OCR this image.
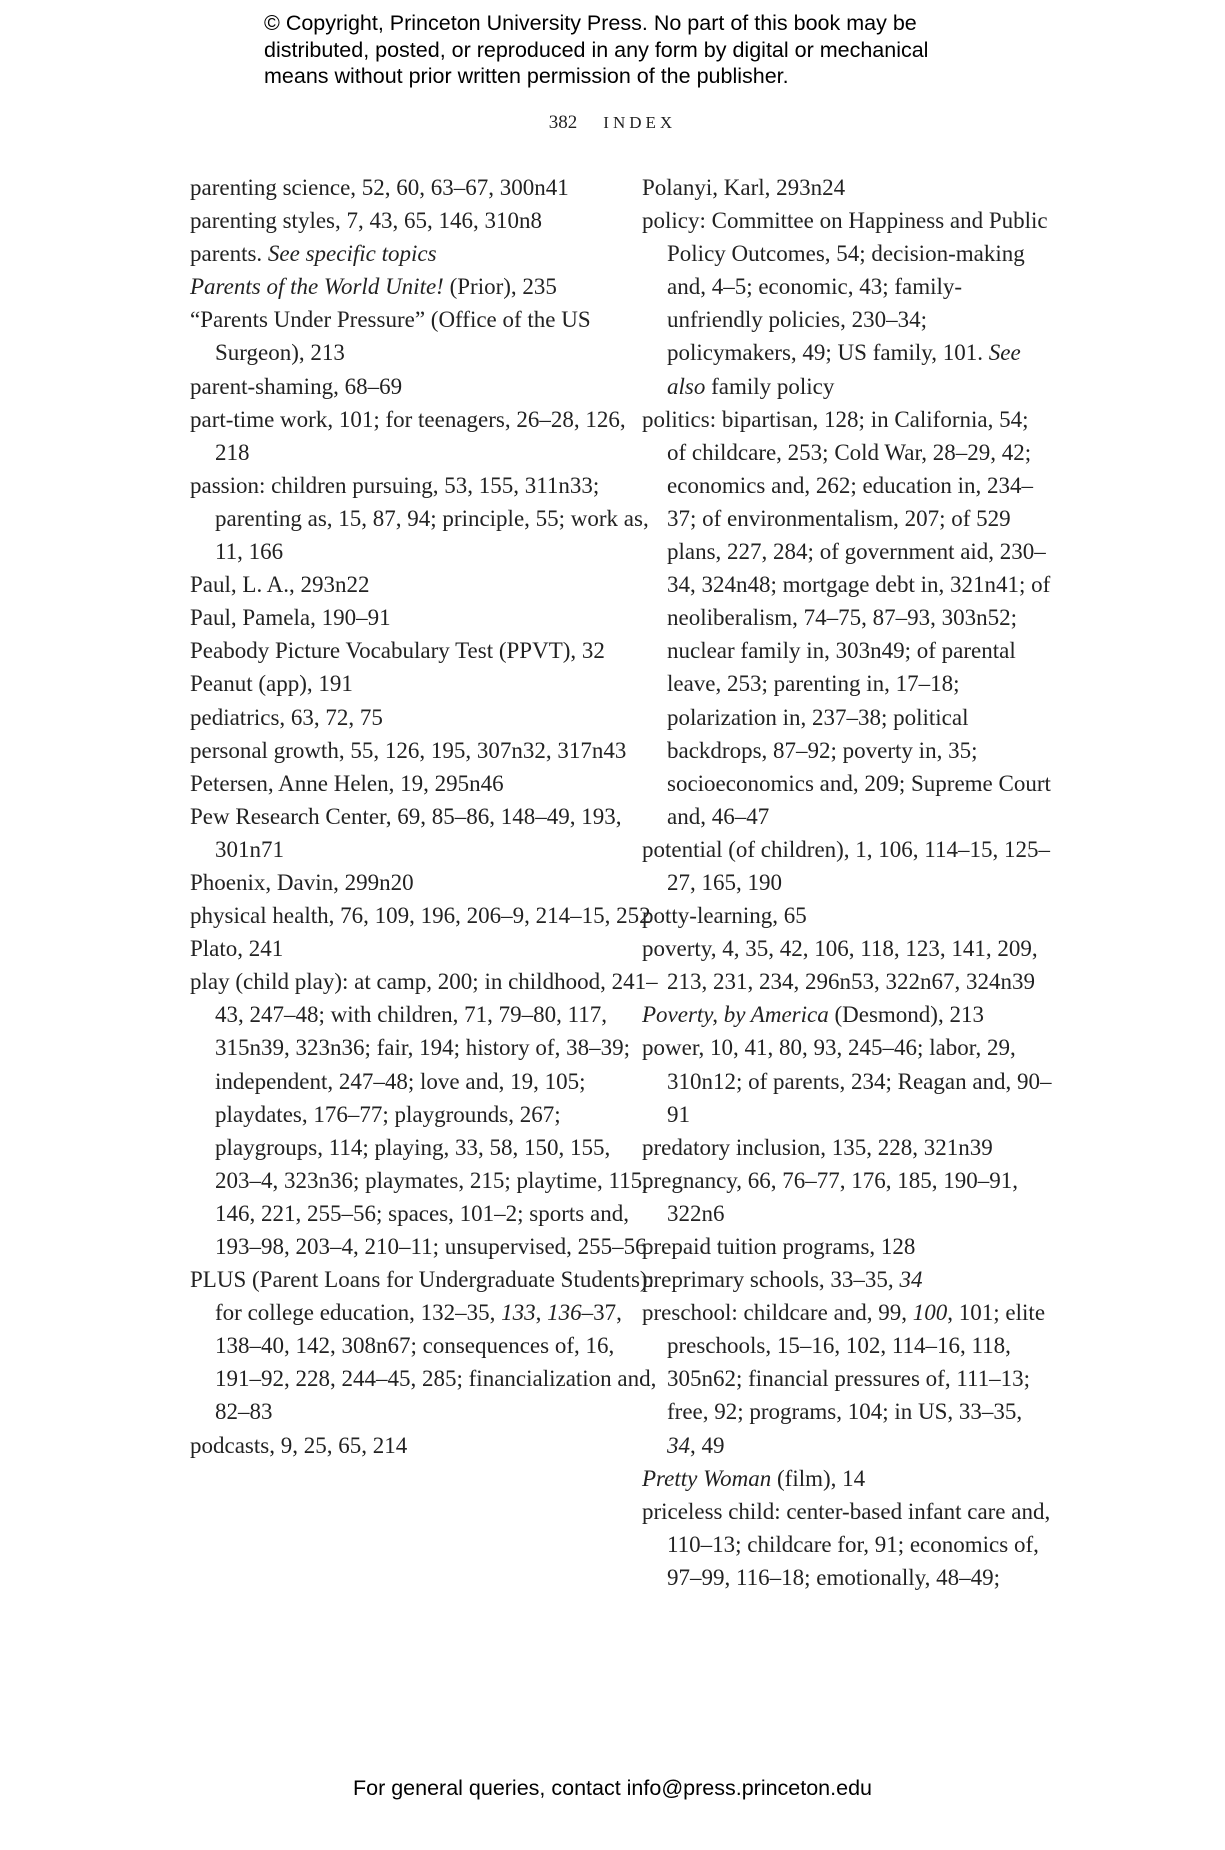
© Copyright, Princeton University Press. No part of this book may be distributed, posted, or reproduced in any form by digital or mechanical means without prior written permission of the publisher.
382 INDEX

parenting science, 52, 60, 63–67, 300n41

parenting styles, 7, 43, 65, 146, 310n8

parents. See specific topics

Parents of the World Unite! (Prior), 235

“Parents Under Pressure” (Office of the US Surgeon), 213

parent-shaming, 68–69

part-time work, 101; for teenagers, 26–28, 126, 218

passion: children pursuing, 53, 155, 311n33; parenting as, 15, 87, 94; principle, 55; work as, 11, 166

Paul, L. A., 293n22

Paul, Pamela, 190–91

Peabody Picture Vocabulary Test (PPVT), 32

Peanut (app), 191

pediatrics, 63, 72, 75

personal growth, 55, 126, 195, 307n32, 317n43

Petersen, Anne Helen, 19, 295n46

Pew Research Center, 69, 85–86, 148–49, 193, 301n71

Phoenix, Davin, 299n20

physical health, 76, 109, 196, 206–9, 214–15, 252

Plato, 241

play (child play): at camp, 200; in childhood, 241–43, 247–48; with children, 71, 79–80, 117, 315n39, 323n36; fair, 194; history of, 38–39; independent, 247–48; love and, 19, 105; playdates, 176–77; playgrounds, 267; playgroups, 114; playing, 33, 58, 150, 155, 203–4, 323n36; playmates, 215; playtime, 115, 146, 221, 255–56; spaces, 101–2; sports and, 193–98, 203–4, 210–11; unsupervised, 255–56

PLUS (Parent Loans for Undergraduate Students): for college education, 132–35, 133, 136–37, 138–40, 142, 308n67; consequences of, 16, 191–92, 228, 244–45, 285; financialization and, 82–83

podcasts, 9, 25, 65, 214

Polanyi, Karl, 293n24

policy: Committee on Happiness and Public Policy Outcomes, 54; decision-making and, 4–5; economic, 43; family-unfriendly policies, 230–34; policymakers, 49; US family, 101. See also family policy

politics: bipartisan, 128; in California, 54; of childcare, 253; Cold War, 28–29, 42; economics and, 262; education in, 234–37; of environmentalism, 207; of 529 plans, 227, 284; of government aid, 230–34, 324n48; mortgage debt in, 321n41; of neoliberalism, 74–75, 87–93, 303n52; nuclear family in, 303n49; of parental leave, 253; parenting in, 17–18; polarization in, 237–38; political backdrops, 87–92; poverty in, 35; socioeconomics and, 209; Supreme Court and, 46–47

potential (of children), 1, 106, 114–15, 125–27, 165, 190

potty-learning, 65

poverty, 4, 35, 42, 106, 118, 123, 141, 209, 213, 231, 234, 296n53, 322n67, 324n39

Poverty, by America (Desmond), 213

power, 10, 41, 80, 93, 245–46; labor, 29, 310n12; of parents, 234; Reagan and, 90–91

predatory inclusion, 135, 228, 321n39

pregnancy, 66, 76–77, 176, 185, 190–91, 322n6

prepaid tuition programs, 128

preprimary schools, 33–35, 34

preschool: childcare and, 99, 100, 101; elite preschools, 15–16, 102, 114–16, 118, 305n62; financial pressures of, 111–13; free, 92; programs, 104; in US, 33–35, 34, 49

Pretty Woman (film), 14

priceless child: center-based infant care and, 110–13; childcare for, 91; economics of, 97–99, 116–18; emotionally, 48–49;

For general queries, contact info@press.princeton.edu
